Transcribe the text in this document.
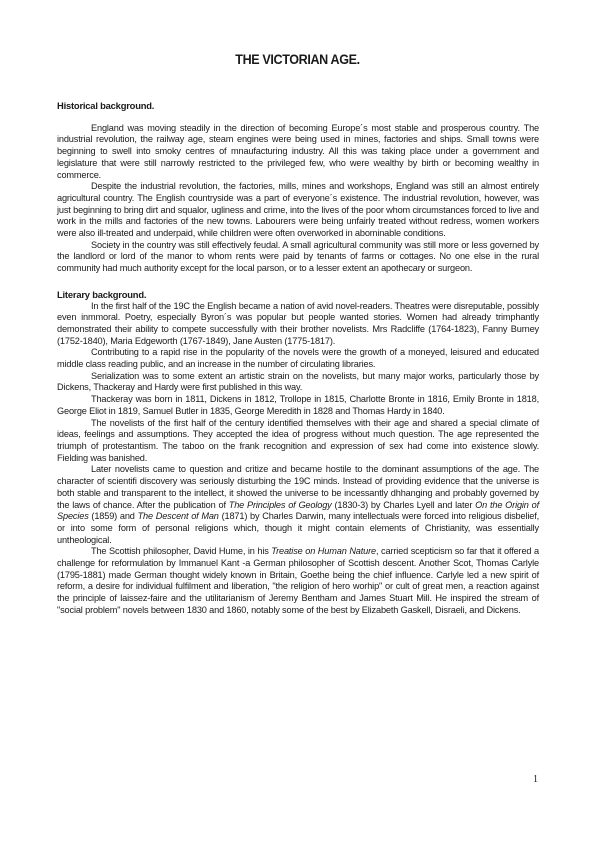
THE VICTORIAN AGE.
Historical background.

England was moving steadily in the direction of becoming Europe´s most stable and prosperous country. The industrial revolution, the railway age, steam engines were being used in mines, factories and ships. Small towns were beginning to swell into smoky centres of mnaufacturing industry. All this was taking place under a government and legislature that were still narrowly restricted to the privileged few, who were wealthy by birth or becoming wealthy in commerce.

Despite the industrial revolution, the factories, mills, mines and workshops, England was still an almost entirely agricultural country. The English countryside was a part of everyone´s existence. The industrial revolution, however, was just beginning to bring dirt and squalor, ugliness and crime, into the lives of the poor whom circumstances forced to live and work in the mills and factories of the new towns. Labourers were being unfairly treated without redress, women workers were also ill-treated and underpaid, while children were often overworked in abominable conditions.

Society in the country was still effectively feudal. A small agricultural community was still more or less governed by the landlord or lord of the manor to whom rents were paid by tenants of farms or cottages. No one else in the rural community had much authority except for the local parson, or to a lesser extent an apothecary or surgeon.

Literary background.

In the first half of the 19C the English became a nation of avid novel-readers. Theatres were disreputable, possibly even inmmoral. Poetry, especially Byron´s was popular but people wanted stories. Women had already trimphantly demonstrated their ability to compete successfully with their brother novelists. Mrs Radcliffe (1764-1823), Fanny Burney (1752-1840), Maria Edgeworth (1767-1849), Jane Austen (1775-1817).

Contributing to a rapid rise in the popularity of the novels were the growth of a moneyed, leisured and educated middle class reading public, and an increase in the number of circulating libraries.

Serialization was to some extent an artistic strain on the novelists, but many major works, particularly those by Dickens, Thackeray and Hardy were first published in this way.

Thackeray was born in 1811, Dickens in 1812, Trollope in 1815, Charlotte Bronte in 1816, Emily Bronte in 1818, George Eliot in 1819, Samuel Butler in 1835, George Meredith in 1828 and Thomas Hardy in 1840.

The novelists of the first half of the century identified themselves with their age and shared a special climate of ideas, feelings and assumptions. They accepted the idea of progress without much question. The age represented the triumph of protestantism. The taboo on the frank recognition and expression of sex had come into existence slowly. Fielding was banished.

Later novelists came to question and critize and became hostile to the dominant assumptions of the age. The character of scientifi discovery was seriously disturbing the 19C minds. Instead of providing evidence that the universe is both stable and transparent to the intellect, it showed the universe to be incessantly dhhanging and probably governed by the laws of chance. After the publication of The Principles of Geology (1830-3) by Charles Lyell and later On the Origin of Species (1859) and The Descent of Man (1871) by Charles Darwin, many intellectuals were forced into religious disbelief, or into some form of personal religions which, though it might contain elements of Christianity, was essentially untheological.

The Scottish philosopher, David Hume, in his Treatise on Human Nature, carried scepticism so far that it offered a challenge for reformulation by Immanuel Kant -a German philosopher of Scottish descent. Another Scot, Thomas Carlyle (1795-1881) made German thought widely known in Britain, Goethe being the chief influence. Carlyle led a new spirit of reform, a desire for individual fulfilment and liberation, "the religion of hero worhip" or cult of great men, a reaction against the principle of laissez-faire and the utilitarianism of Jeremy Bentham and James Stuart Mill. He inspired the stream of "social problem" novels between 1830 and 1860, notably some of the best by Elizabeth Gaskell, Disraeli, and Dickens.

1
